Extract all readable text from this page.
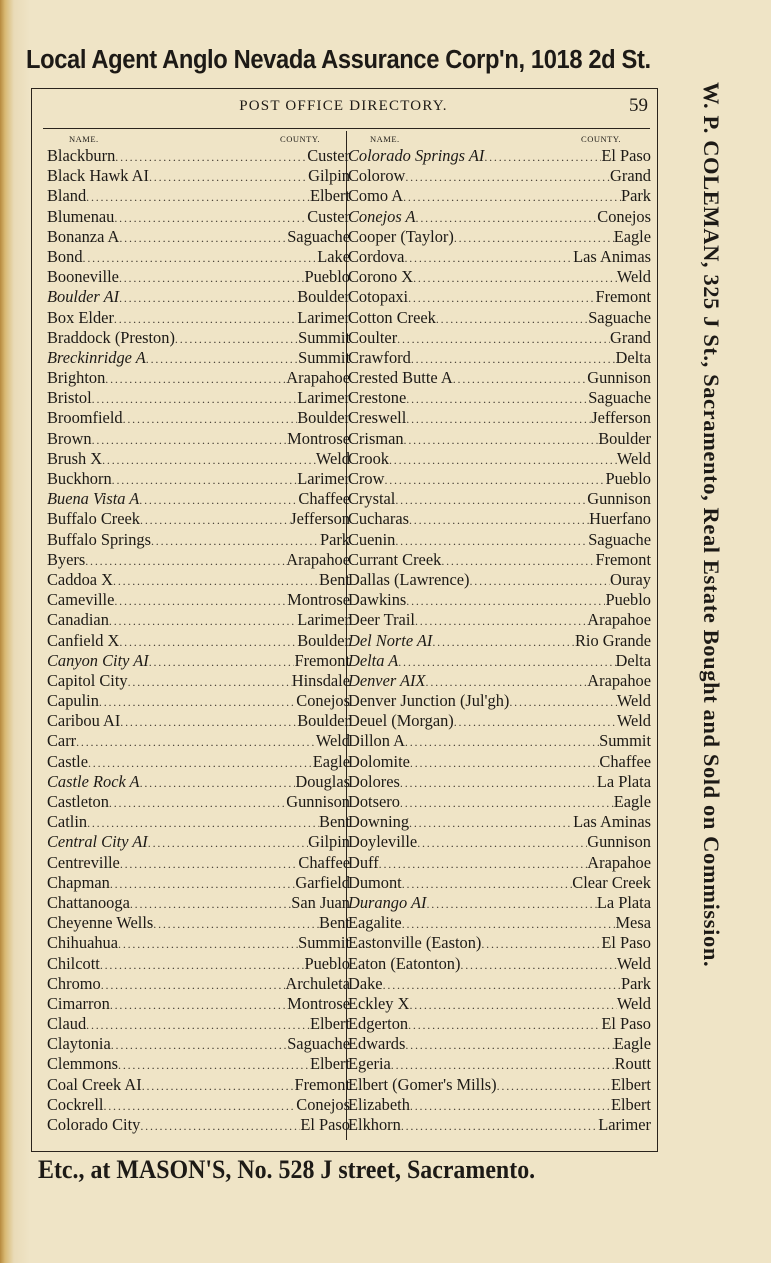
Local Agent Anglo Nevada Assurance Corp'n, 1018 2d St.
W. P. COLEMAN, 325 J St., Sacramento, Real Estate Bought and Sold on Commission.
POST OFFICE DIRECTORY.	59
NAME.	COUNTY.
Blackburn .....	Custer
Black Hawk AI .....	Gilpin
Bland .....	Elbert
Blumenau .....	Custer
Bonanza A .....	Saguache
Bond .....	Lake
Booneville .....	Pueblo
Boulder AI .....	Boulder
Box Elder .....	Larimer
Braddock (Preston) .....	Summit
Breckinridge A .....	Summit
Brighton .....	Arapahoe
Bristol .....	Larimer
Broomfield .....	Boulder
Brown .....	Montrose
Brush X .....	Weld
Buckhorn .....	Larimer
Buena Vista A .....	Chaffee
Buffalo Creek .....	Jefferson
Buffalo Springs .....	Park
Byers .....	Arapahoe
Caddoa X .....	Bent
Cameville .....	Montrose
Canadian .....	Larimer
Canfield X .....	Boulder
Canyon City AI .....	Fremont
Capitol City .....	Hinsdale
Capulin .....	Conejos
Caribou AI .....	Boulder
Carr .....	Weld
Castle .....	Eagle
Castle Rock A .....	Douglas
Castleton .....	Gunnison
Catlin .....	Bent
Central City AI .....	Gilpin
Centreville .....	Chaffee
Chapman .....	Garfield
Chattanooga .....	San Juan
Cheyenne Wells .....	Bent
Chihuahua .....	Summit
Chilcott .....	Pueblo
Chromo .....	Archuleta
Cimarron .....	Montrose
Claud .....	Elbert
Claytonia .....	Saguache
Clemmons .....	Elbert
Coal Creek AI .....	Fremont
Cockrell .....	Conejos
Colorado City .....	El Paso
NAME.	COUNTY.
Colorado Springs AI .....	El Paso
Colorow .....	Grand
Como A .....	Park
Conejos A .....	Conejos
Cooper (Taylor) .....	Eagle
Cordova .....	Las Animas
Corono X .....	Weld
Cotopaxi .....	Fremont
Cotton Creek .....	Saguache
Coulter .....	Grand
Crawford .....	Delta
Crested Butte A .....	Gunnison
Crestone .....	Saguache
Creswell .....	Jefferson
Crisman .....	Boulder
Crook .....	Weld
Crow .....	Pueblo
Crystal .....	Gunnison
Cucharas .....	Huerfano
Cuenin .....	Saguache
Currant Creek .....	Fremont
Dallas (Lawrence) .....	Ouray
Dawkins .....	Pueblo
Deer Trail .....	Arapahoe
Del Norte AI .....	Rio Grande
Delta A .....	Delta
Denver AIX .....	Arapahoe
Denver Junction (Jul'gh) .....	Weld
Deuel (Morgan) .....	Weld
Dillon A .....	Summit
Dolomite .....	Chaffee
Dolores .....	La Plata
Dotsero .....	Eagle
Downing .....	Las Aminas
Doyleville .....	Gunnison
Duff .....	Arapahoe
Dumont .....	Clear Creek
Durango AI .....	La Plata
Eagalite .....	Mesa
Eastonville (Easton) .....	El Paso
Eaton (Eatonton) .....	Weld
Dake .....	Park
Eckley X .....	Weld
Edgerton .....	El Paso
Edwards .....	Eagle
Egeria .....	Routt
Elbert (Gomer's Mills) .....	Elbert
Elizabeth .....	Elbert
Elkhorn .....	Larimer
Etc., at MASON'S, No. 528 J street, Sacramento.
